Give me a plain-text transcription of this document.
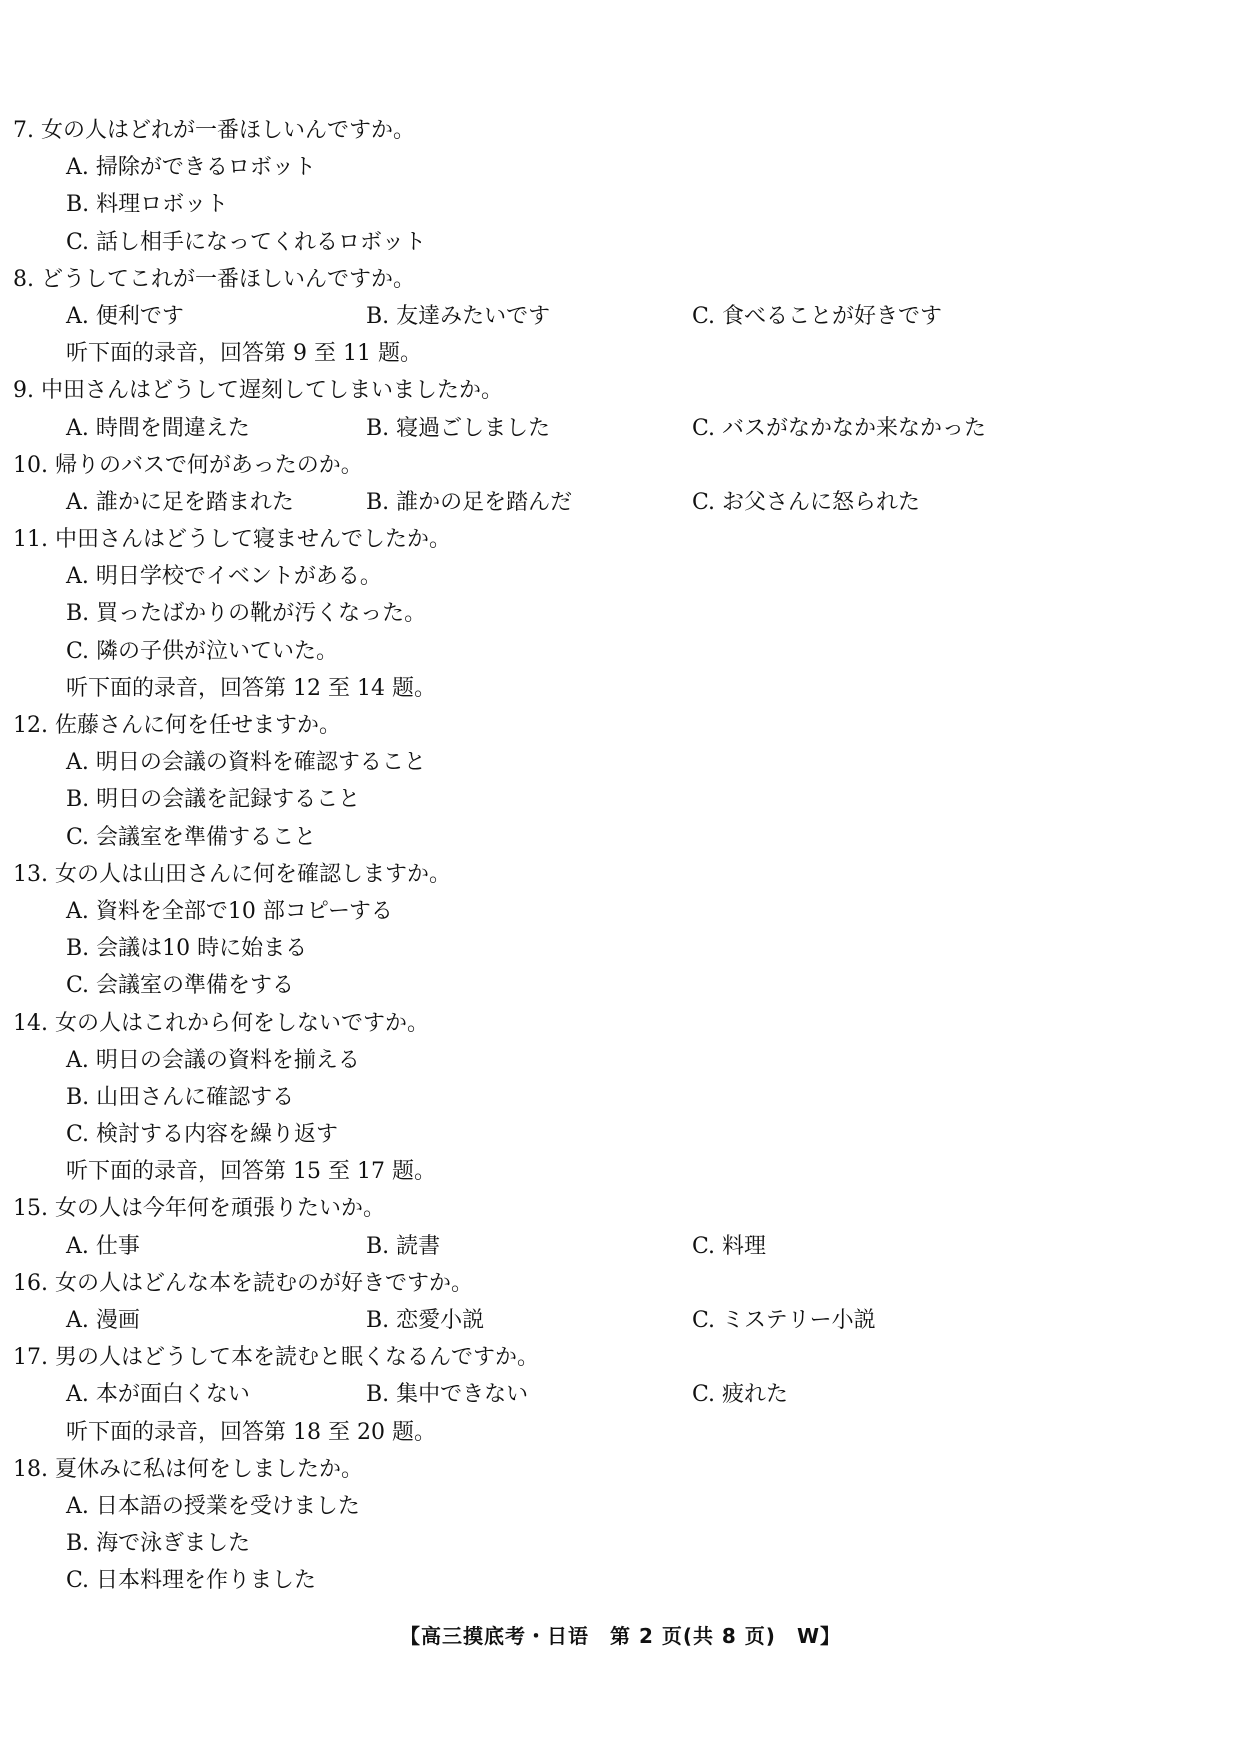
7. 女の人はどれが一番ほしいんですか。
A. 掃除ができるロボット
B. 料理ロボット
C. 話し相手になってくれるロボット
8. どうしてこれが一番ほしいんですか。
A. 便利です	B. 友達みたいです	C. 食べることが好きです
听下面的录音，回答第 9 至 11 题。
9. 中田さんはどうして遅刻してしまいましたか。
A. 時間を間違えた	B. 寝過ごしました	C. バスがなかなか来なかった
10. 帰りのバスで何があったのか。
A. 誰かに足を踏まれた	B. 誰かの足を踏んだ	C. お父さんに怒られた
11. 中田さんはどうして寝ませんでしたか。
A. 明日学校でイベントがある。
B. 買ったばかりの靴が汚くなった。
C. 隣の子供が泣いていた。
听下面的录音，回答第 12 至 14 题。
12. 佐藤さんに何を任せますか。
A. 明日の会議の資料を確認すること
B. 明日の会議を記録すること
C. 会議室を準備すること
13. 女の人は山田さんに何を確認しますか。
A. 資料を全部で10 部コピーする
B. 会議は10 時に始まる
C. 会議室の準備をする
14. 女の人はこれから何をしないですか。
A. 明日の会議の資料を揃える
B. 山田さんに確認する
C. 検討する内容を繰り返す
听下面的录音，回答第 15 至 17 题。
15. 女の人は今年何を頑張りたいか。
A. 仕事	B. 読書	C. 料理
16. 女の人はどんな本を読むのが好きですか。
A. 漫画	B. 恋愛小説	C. ミステリー小説
17. 男の人はどうして本を読むと眠くなるんですか。
A. 本が面白くない	B. 集中できない	C. 疲れた
听下面的录音，回答第 18 至 20 题。
18. 夏休みに私は何をしましたか。
A. 日本語の授業を受けました
B. 海で泳ぎました
C. 日本料理を作りました
【高三摸底考・日语　第 2 页(共 8 页)　W】
